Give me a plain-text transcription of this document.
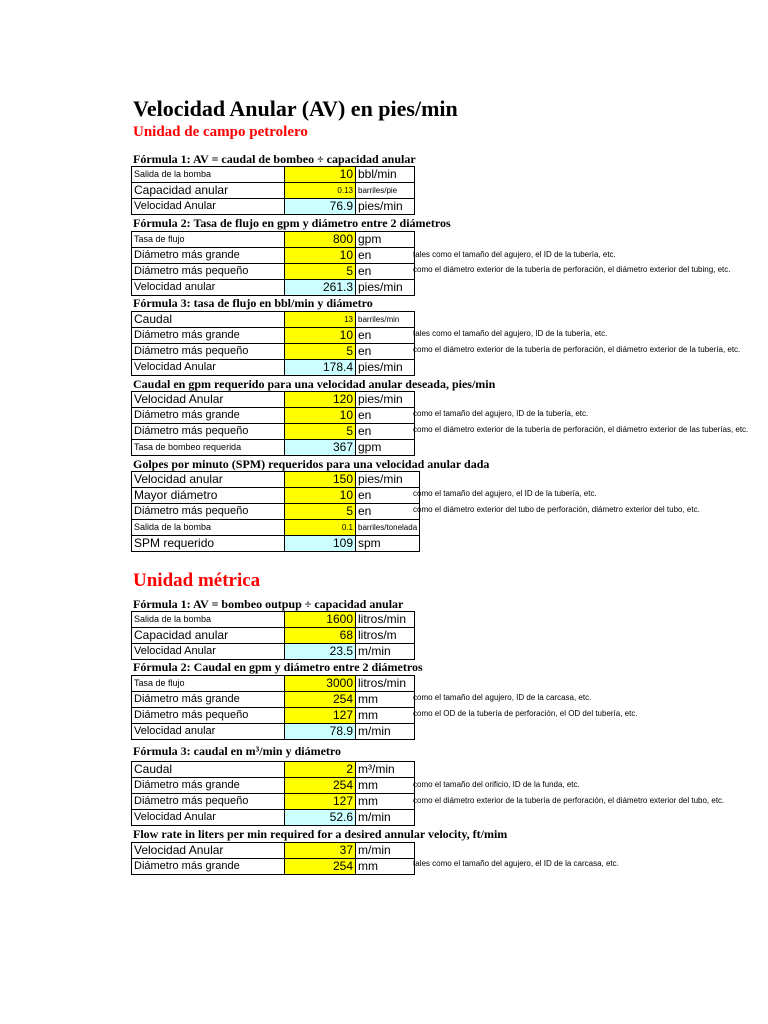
Velocidad Anular (AV) en pies/min
Unidad de campo petrolero
Fórmula 1: AV = caudal de bombeo ÷ capacidad anular
Salida de la bomba	10	bbl/min
Capacidad anular	0.13	barriles/pie
Velocidad Anular	76.9	pies/min
Fórmula 2: Tasa de flujo en gpm y diámetro entre 2 diámetros
Tasa de flujo	800	gpm
Diámetro más grande	10	en
Diámetro más pequeño	5	en
Velocidad anular	261.3	pies/min
tales como el tamaño del agujero, el ID de la tubería, etc.
como el diámetro exterior de la tubería de perforación, el diámetro exterior del tubing, etc.
Fórmula 3: tasa de flujo en bbl/min y diámetro
Caudal	13	barriles/min
Diámetro más grande	10	en
Diámetro más pequeño	5	en
Velocidad Anular	178.4	pies/min
tales como el tamaño del agujero, ID de la tubería, etc.
como el diámetro exterior de la tubería de perforación, el diámetro exterior de la tubería, etc.
Caudal en gpm requerido para una velocidad anular deseada, pies/min
Velocidad Anular	120	pies/min
Diámetro más grande	10	en
Diámetro más pequeño	5	en
Tasa de bombeo requerida	367	gpm
como el tamaño del agujero, ID de la tubería, etc.
como el diámetro exterior de la tubería de perforación, el diámetro exterior de las tuberías, etc.
Golpes por minuto (SPM) requeridos para una velocidad anular dada
Velocidad anular	150	pies/min
Mayor diámetro	10	en
Diámetro más pequeño	5	en
Salida de la bomba	0.1	barriles/tonelada
SPM requerido	109	spm
como el tamaño del agujero, el ID de la tubería, etc.
como el diámetro exterior del tubo de perforación, diámetro exterior del tubo, etc.
Unidad métrica
Fórmula 1: AV = bombeo outpup ÷ capacidad anular
Salida de la bomba	1600	litros/min
Capacidad anular	68	litros/m
Velocidad Anular	23.5	m/min
Fórmula 2: Caudal en gpm y diámetro entre 2 diámetros
Tasa de flujo	3000	litros/min
Diámetro más grande	254	mm
Diámetro más pequeño	127	mm
Velocidad anular	78.9	m/min
como el tamaño del agujero, ID de la carcasa, etc.
como el OD de la tubería de perforación, el OD del tubería, etc.
Fórmula 3: caudal en m³/min y diámetro
Caudal	2	m³/min
Diámetro más grande	254	mm
Diámetro más pequeño	127	mm
Velocidad Anular	52.6	m/min
como el tamaño del orificio, ID de la funda, etc.
como el diámetro exterior de la tubería de perforación, el diámetro exterior del tubo, etc.
Flow rate in liters per min required for a desired annular velocity, ft/mim
Velocidad Anular	37	m/min
Diámetro más grande	254	mm	tales como el tamaño del agujero, el ID de la carcasa, etc.
